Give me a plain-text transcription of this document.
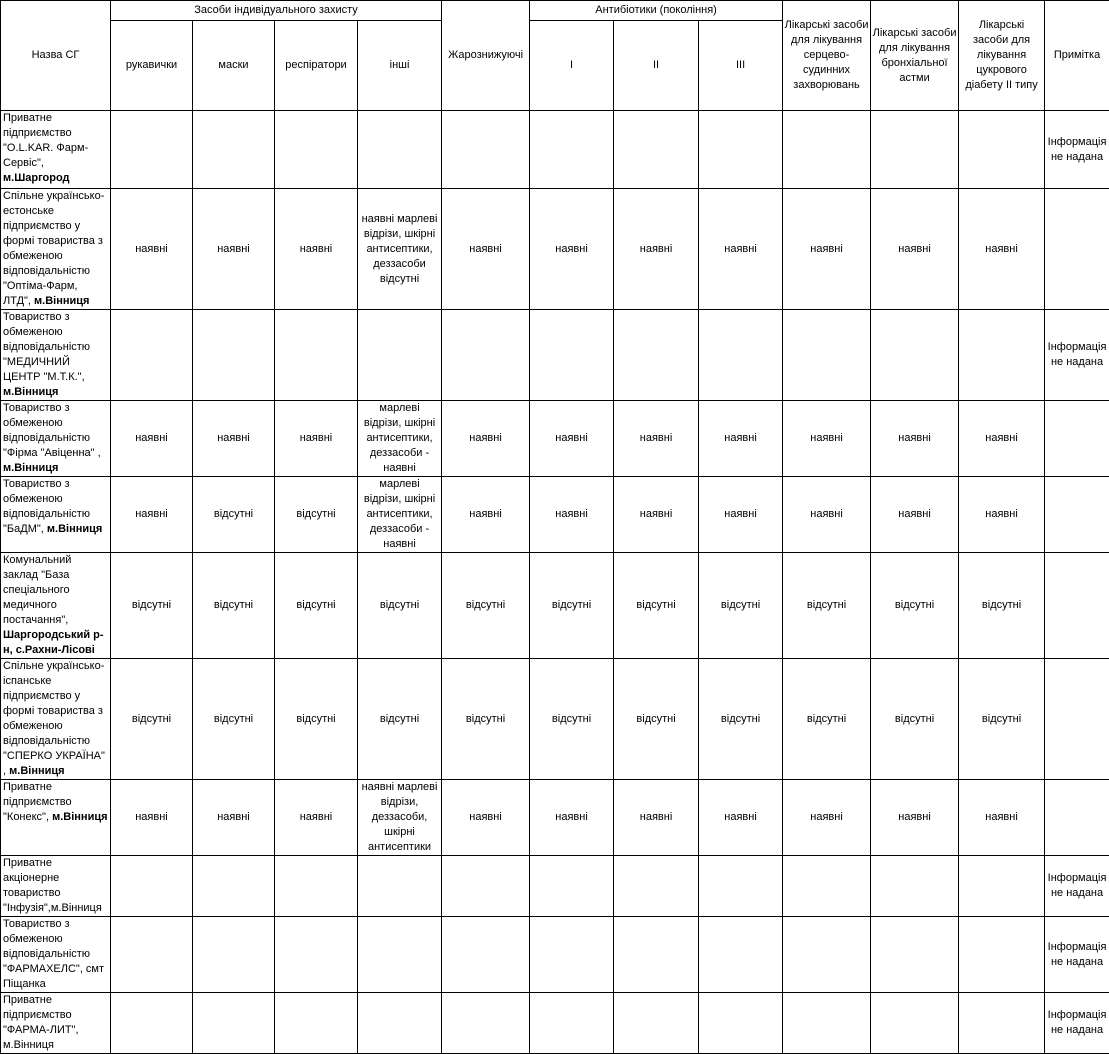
Назва СГ	Засоби індивідуального захисту				Жарознижуючі	Антибіотики (покоління)			Лікарські засоби для лікування серцево-судинних захворювань	Лікарські засоби для лікування бронхіальної астми	Лікарські засоби для лікування цукрового діабету ІІ типу	Примітка
	рукавички	маски	респіратори	інші		I	II	III				
Приватне підприємство "O.L.KAR. Фарм-Сервіс", м.Шаргород												Інформація не надана
Спільне українсько-естонське підприємство у формі товариства з обмеженою відповідальністю "Оптіма-Фарм, ЛТД", м.Вінниця	наявні	наявні	наявні	наявні марлеві відрізи, шкірні антисептики, деззасоби відсутні	наявні	наявні	наявні	наявні	наявні	наявні	наявні	
Товариство з обмеженою відповідальністю "МЕДИЧНИЙ ЦЕНТР "М.Т.К.", м.Вінниця												Інформація не надана
Товариство з обмеженою відповідальністю "Фірма "Авіценна" , м.Вінниця	наявні	наявні	наявні	марлеві відрізи, шкірні антисептики, деззасоби - наявні	наявні	наявні	наявні	наявні	наявні	наявні	наявні	
Товариство з обмеженою відповідальністю "БаДМ", м.Вінниця	наявні	відсутні	відсутні	марлеві відрізи, шкірні антисептики, деззасоби - наявні	наявні	наявні	наявні	наявні	наявні	наявні	наявні	
Комунальний заклад "База спеціального медичного постачання", Шаргородський р-н, с.Рахни-Лісові	відсутні	відсутні	відсутні	відсутні	відсутні	відсутні	відсутні	відсутні	відсутні	відсутні	відсутні	
Спільне українсько-іспанське підприємство у формі товариства з обмеженою відповідальністю "СПЕРКО УКРАЇНА" , м.Вінниця	відсутні	відсутні	відсутні	відсутні	відсутні	відсутні	відсутні	відсутні	відсутні	відсутні	відсутні	
Приватне підприємство "Конекс", м.Вінниця	наявні	наявні	наявні	наявні марлеві відрізи, деззасоби, шкірні антисептики	наявні	наявні	наявні	наявні	наявні	наявні	наявні	
Приватне акціонерне товариство "Інфузія",м.Вінниця												Інформація не надана
Товариство з обмеженою відповідальністю "ФАРМАХЕЛС", смт Піщанка												Інформація не надана
Приватне підприємство "ФАРМА-ЛИТ", м.Вінниця												Інформація не надана
